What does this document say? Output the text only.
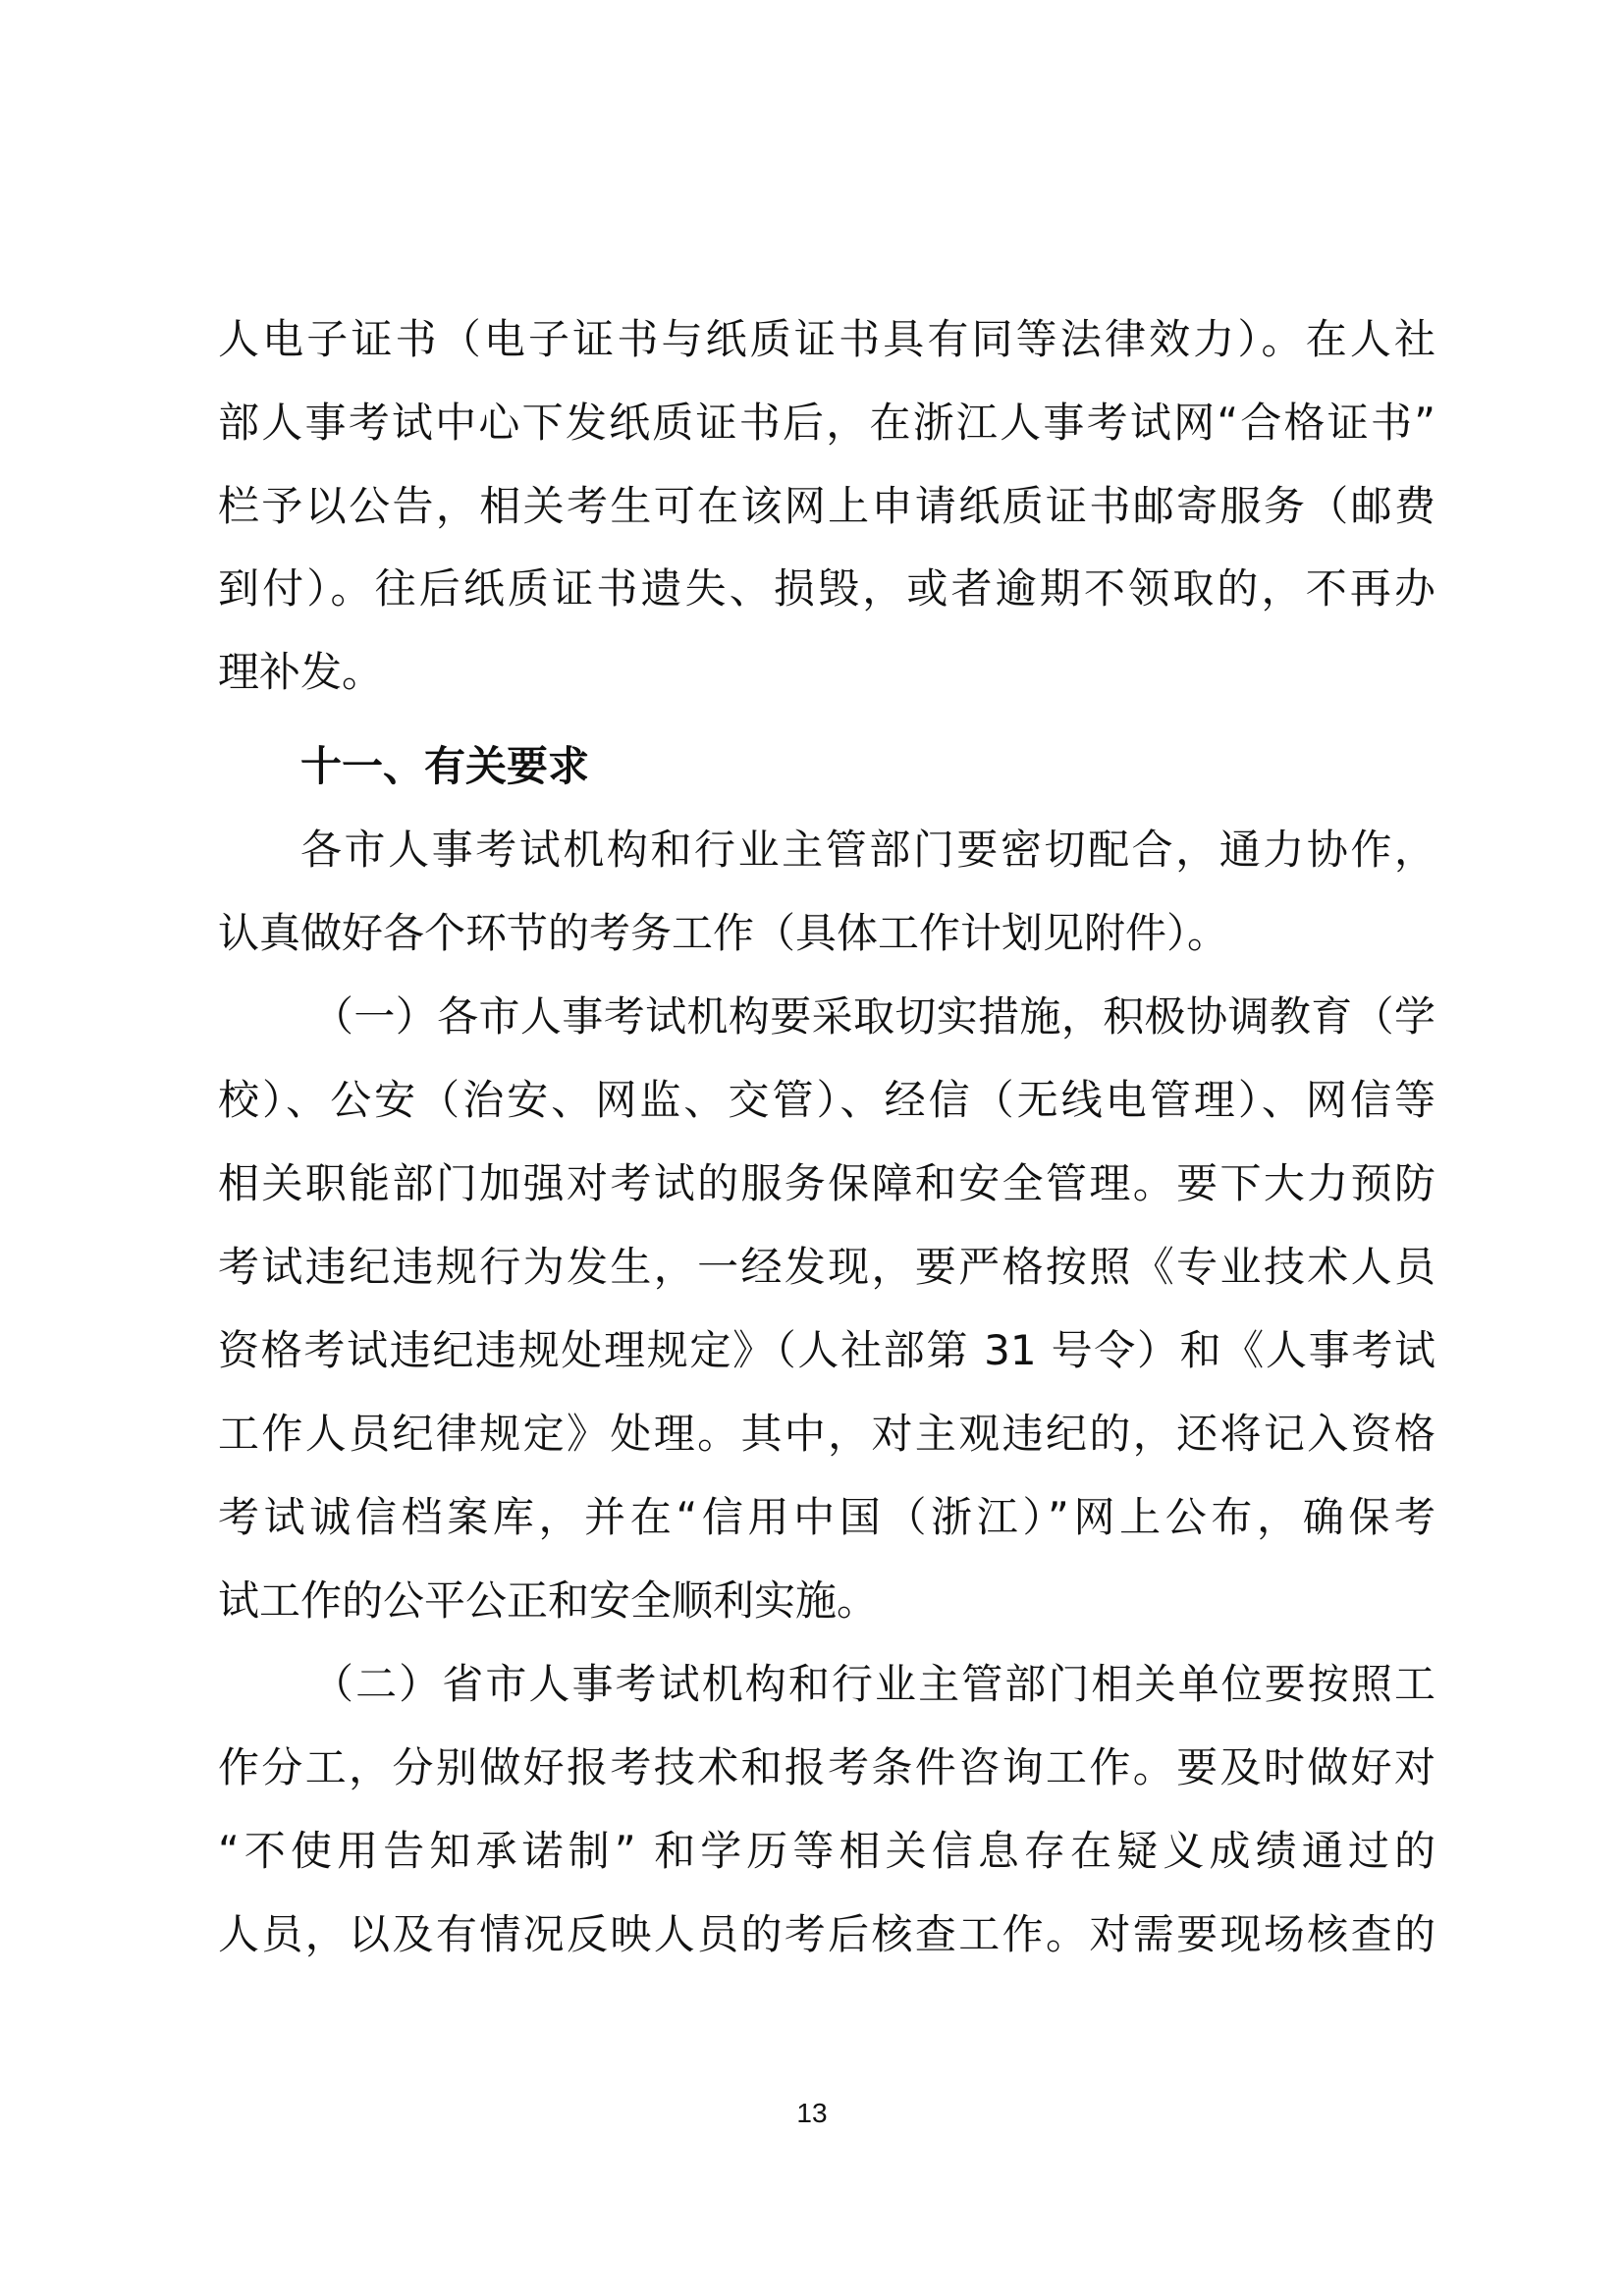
人电子证书（电子证书与纸质证书具有同等法律效力）。在人社
部人事考试中心下发纸质证书后，在浙江人事考试网“合格证书”
栏予以公告，相关考生可在该网上申请纸质证书邮寄服务（邮费
到付）。往后纸质证书遗失、损毁，或者逾期不领取的，不再办
理补发。
十一、有关要求
各市人事考试机构和行业主管部门要密切配合，通力协作，
认真做好各个环节的考务工作（具体工作计划见附件）。
（一）各市人事考试机构要采取切实措施，积极协调教育（学
校）、公安（治安、网监、交管）、经信（无线电管理）、网信等
相关职能部门加强对考试的服务保障和安全管理。要下大力预防
考试违纪违规行为发生，一经发现，要严格按照《专业技术人员
资格考试违纪违规处理规定》（人社部第 31 号令）和《人事考试
工作人员纪律规定》处理。其中，对主观违纪的，还将记入资格
考试诚信档案库，并在“信用中国（浙江）”网上公布，确保考
试工作的公平公正和安全顺利实施。
（二）省市人事考试机构和行业主管部门相关单位要按照工
作分工，分别做好报考技术和报考条件咨询工作。要及时做好对
“不使用告知承诺制” 和学历等相关信息存在疑义成绩通过的
人员，以及有情况反映人员的考后核查工作。对需要现场核查的
13
